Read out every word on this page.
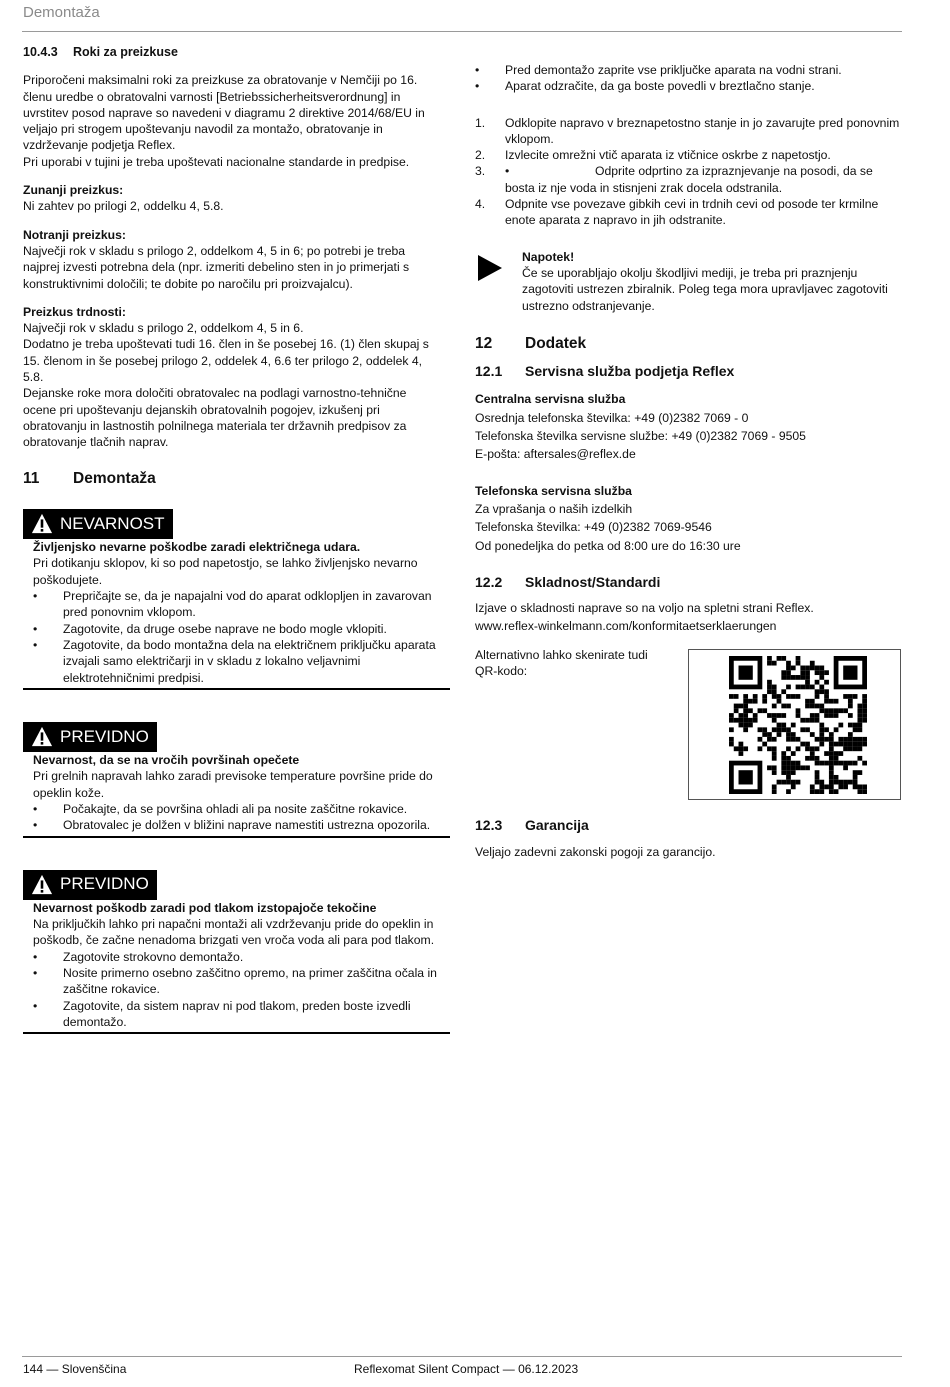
Demontaža

10.4.3 Roki za preizkuse

Priporočeni maksimalni roki za preizkuse za obratovanje v Nemčiji po 16. členu uredbe o obratovalni varnosti [Betriebssicherheitsverordnung] in uvrstitev posod naprave so navedeni v diagramu 2 direktive 2014/68/EU in veljajo pri strogem upoštevanju navodil za montažo, obratovanje in vzdrževanje podjetja Reflex.

Pri uporabi v tujini je treba upoštevati nacionalne standarde in predpise.

Zunanji preizkus:

Ni zahtev po prilogi 2, oddelku 4, 5.8.

Notranji preizkus:

Največji rok v skladu s prilogo 2, oddelkom 4, 5 in 6; po potrebi je treba najprej izvesti potrebna dela (npr. izmeriti debelino sten in jo primerjati s konstruktivnimi določili; te dobite po naročilu pri proizvajalcu).

Preizkus trdnosti:

Največji rok v skladu s prilogo 2, oddelkom 4, 5 in 6.

Dodatno je treba upoštevati tudi 16. člen in še posebej 16. (1) člen skupaj s 15. členom in še posebej prilogo 2, oddelek 4, 6.6 ter prilogo 2, oddelek 4, 5.8.

Dejanske roke mora določiti obratovalec na podlagi varnostno-tehnične ocene pri upoštevanju dejanskih obratovalnih pogojev, izkušenj pri obratovanju in lastnostih polnilnega materiala ter državnih predpisov za obratovanje tlačnih naprav.

11 Demontaža

NEVARNOST

Življenjsko nevarne poškodbe zaradi električnega udara.

Pri dotikanju sklopov, ki so pod napetostjo, se lahko življenjsko nevarno poškodujete.

• Prepričajte se, da je napajalni vod do aparat odklopljen in zavarovan pred ponovnim vklopom.
• Zagotovite, da druge osebe naprave ne bodo mogle vklopiti.
• Zagotovite, da bodo montažna dela na električnem priključku aparata izvajali samo električarji in v skladu z lokalno veljavnimi elektrotehničnimi predpisi.
PREVIDNO

Nevarnost, da se na vročih površinah opečete

Pri grelnih napravah lahko zaradi previsoke temperature površine pride do opeklin kože.

• Počakajte, da se površina ohladi ali pa nosite zaščitne rokavice.
• Obratovalec je dolžen v bližini naprave namestiti ustrezna opozorila.
PREVIDNO

Nevarnost poškodb zaradi pod tlakom izstopajoče tekočine

Na priključkih lahko pri napačni montaži ali vzdrževanju pride do opeklin in poškodb, če začne nenadoma brizgati ven vroča voda ali para pod tlakom.

• Zagotovite strokovno demontažo.
• Nosite primerno osebno zaščitno opremo, na primer zaščitna očala in zaščitne rokavice.
• Zagotovite, da sistem naprav ni pod tlakom, preden boste izvedli demontažo.
• Pred demontažo zaprite vse priključke aparata na vodni strani.
• Aparat odzračite, da ga boste povedli v breztlačno stanje.
1. Odklopite napravo v breznapetostno stanje in jo zavarujte pred ponovnim vklopom.
2. Izvlecite omrežni vtič aparata iz vtičnice oskrbe z napetostjo.
3. •	Odprite odprtino za izpraznjevanje na posodi, da se bosta iz nje voda in stisnjeni zrak docela odstranila.
4. Odpnite vse povezave gibkih cevi in trdnih cevi od posode ter krmilne enote aparata z napravo in jih odstranite.

Napotek!

Če se uporabljajo okolju škodljivi mediji, je treba pri praznjenju zagotoviti ustrezen zbiralnik. Poleg tega mora upravljavec zagotoviti ustrezno odstranjevanje.

12 Dodatek

12.1 Servisna služba podjetja Reflex

Centralna servisna služba

Osrednja telefonska številka: +49 (0)2382 7069 - 0

Telefonska številka servisne službe: +49 (0)2382 7069 - 9505

E-pošta: aftersales@reflex.de

Telefonska servisna služba

Za vprašanja o naših izdelkih

Telefonska številka: +49 (0)2382 7069-9546

Od ponedeljka do petka od 8:00 ure do 16:30 ure

12.2 Skladnost/Standardi

Izjave o skladnosti naprave so na voljo na spletni strani Reflex.

www.reflex-winkelmann.com/konformitaetserklaerungen

Alternativno lahko skenirate tudi QR-kodo:

12.3 Garancija

Veljajo zadevni zakonski pogoji za garancijo.

144 — Slovenščina	Reflexomat Silent Compact — 06.12.2023
